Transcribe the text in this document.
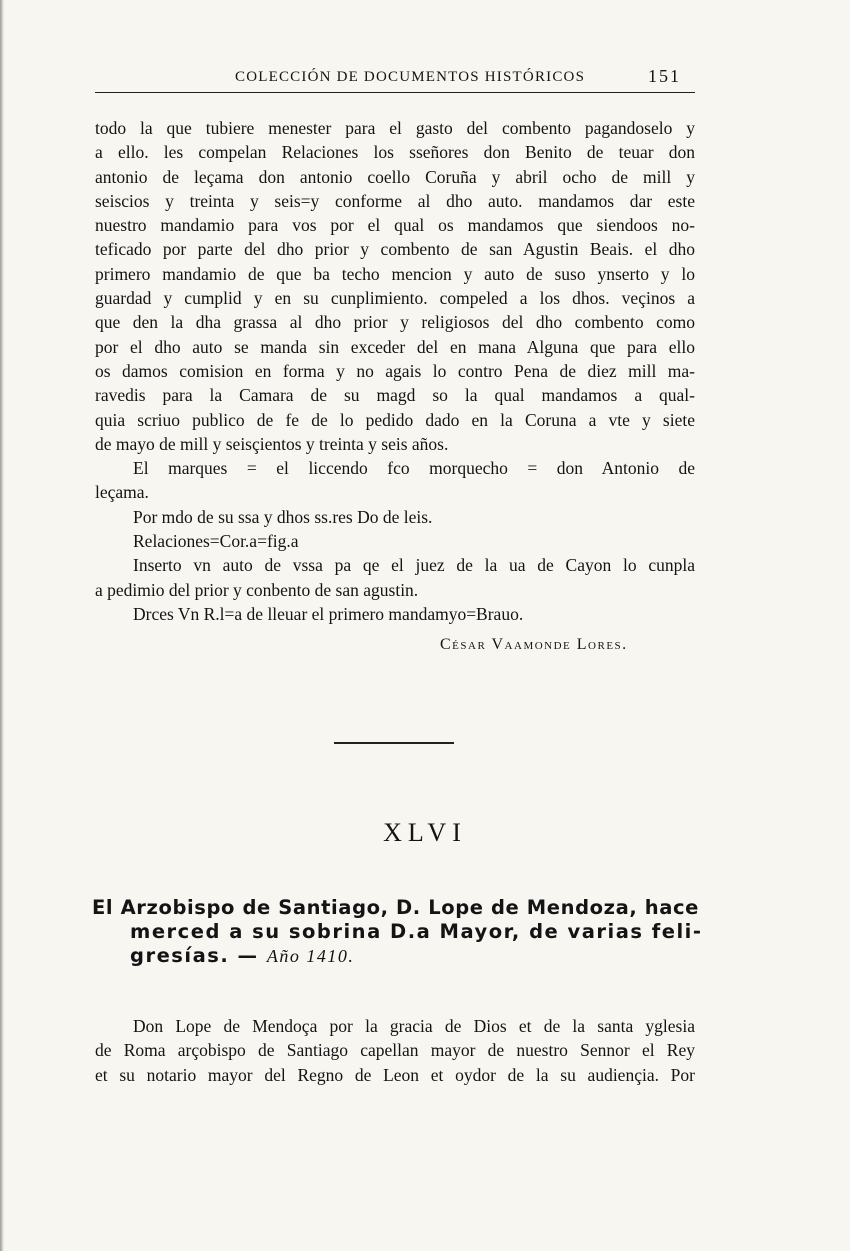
COLECCIÓN DE DOCUMENTOS HISTÓRICOS	151
todo la que tubiere menester para el gasto del combento pagandoselo y
a ello. les compelan Relaciones los sseñores don Benito de teuar don
antonio de leçama don antonio coello Coruña y abril ocho de mill y
seiscios y treinta y seis=y conforme al dho auto. mandamos dar este
nuestro mandamio para vos por el qual os mandamos que siendoos no-
teficado por parte del dho prior y combento de san Agustin Beais. el dho
primero mandamio de que ba techo mencion y auto de suso ynserto y lo
guardad y cumplid y en su cunplimiento. compeled a los dhos. veçinos a
que den la dha grassa al dho prior y religiosos del dho combento como
por el dho auto se manda sin exceder del en mana Alguna que para ello
os damos comision en forma y no agais lo contro Pena de diez mill ma-
ravedis para la Camara de su magd so la qual mandamos a qual-
quia scriuo publico de fe de lo pedido dado en la Coruna a vte y siete
de mayo de mill y seisçientos y treinta y seis años.
El marques = el liccendo fco morquecho = don Antonio de
leçama.
Por mdo de su ssa y dhos ss.res Do de leis.
Relaciones=Cor.a=fig.a
Inserto vn auto de vssa pa qe el juez de la ua de Cayon lo cunpla
a pedimio del prior y conbento de san agustin.
Drces Vn R.l=a de lleuar el primero mandamyo=Brauo.
César Vaamonde Lores.
XLVI
El Arzobispo de Santiago, D. Lope de Mendoza, hace
merced a su sobrina D.a Mayor, de varias feli-
gresías. — Año 1410.
Don Lope de Mendoça por la gracia de Dios et de la santa yglesia
de Roma arçobispo de Santiago capellan mayor de nuestro Sennor el Rey
et su notario mayor del Regno de Leon et oydor de la su audiençia. Por
